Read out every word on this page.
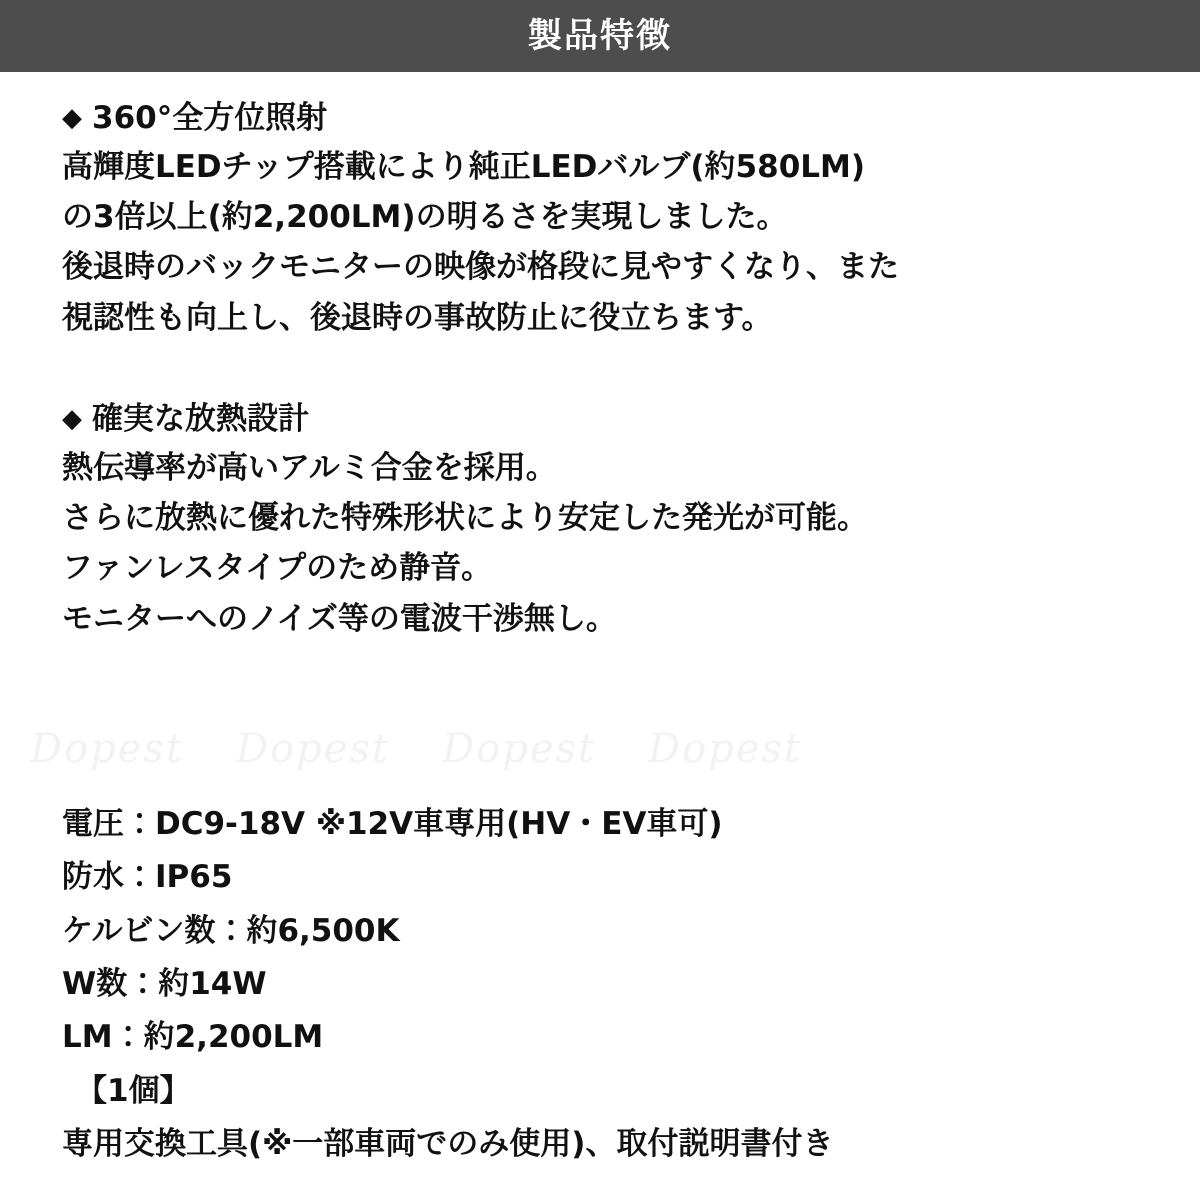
製品特徴
◆ 360°全方位照射
高輝度LEDチップ搭載により純正LEDバルブ(約580LM)
の3倍以上(約2,200LM)の明るさを実現しました。
後退時のバックモニターの映像が格段に見やすくなり、また
視認性も向上し、後退時の事故防止に役立ちます。
◆ 確実な放熱設計
熱伝導率が高いアルミ合金を採用。
さらに放熱に優れた特殊形状により安定した発光が可能。
ファンレスタイプのため静音。
モニターへのノイズ等の電波干渉無し。
Dopest Dopest Dopest Dopest
電圧：DC9-18V ※12V車専用(HV・EV車可)
防水：IP65
ケルビン数：約6,500K
W数：約14W
LM：約2,200LM
【1個】
専用交換工具(※一部車両でのみ使用)、取付説明書付き
